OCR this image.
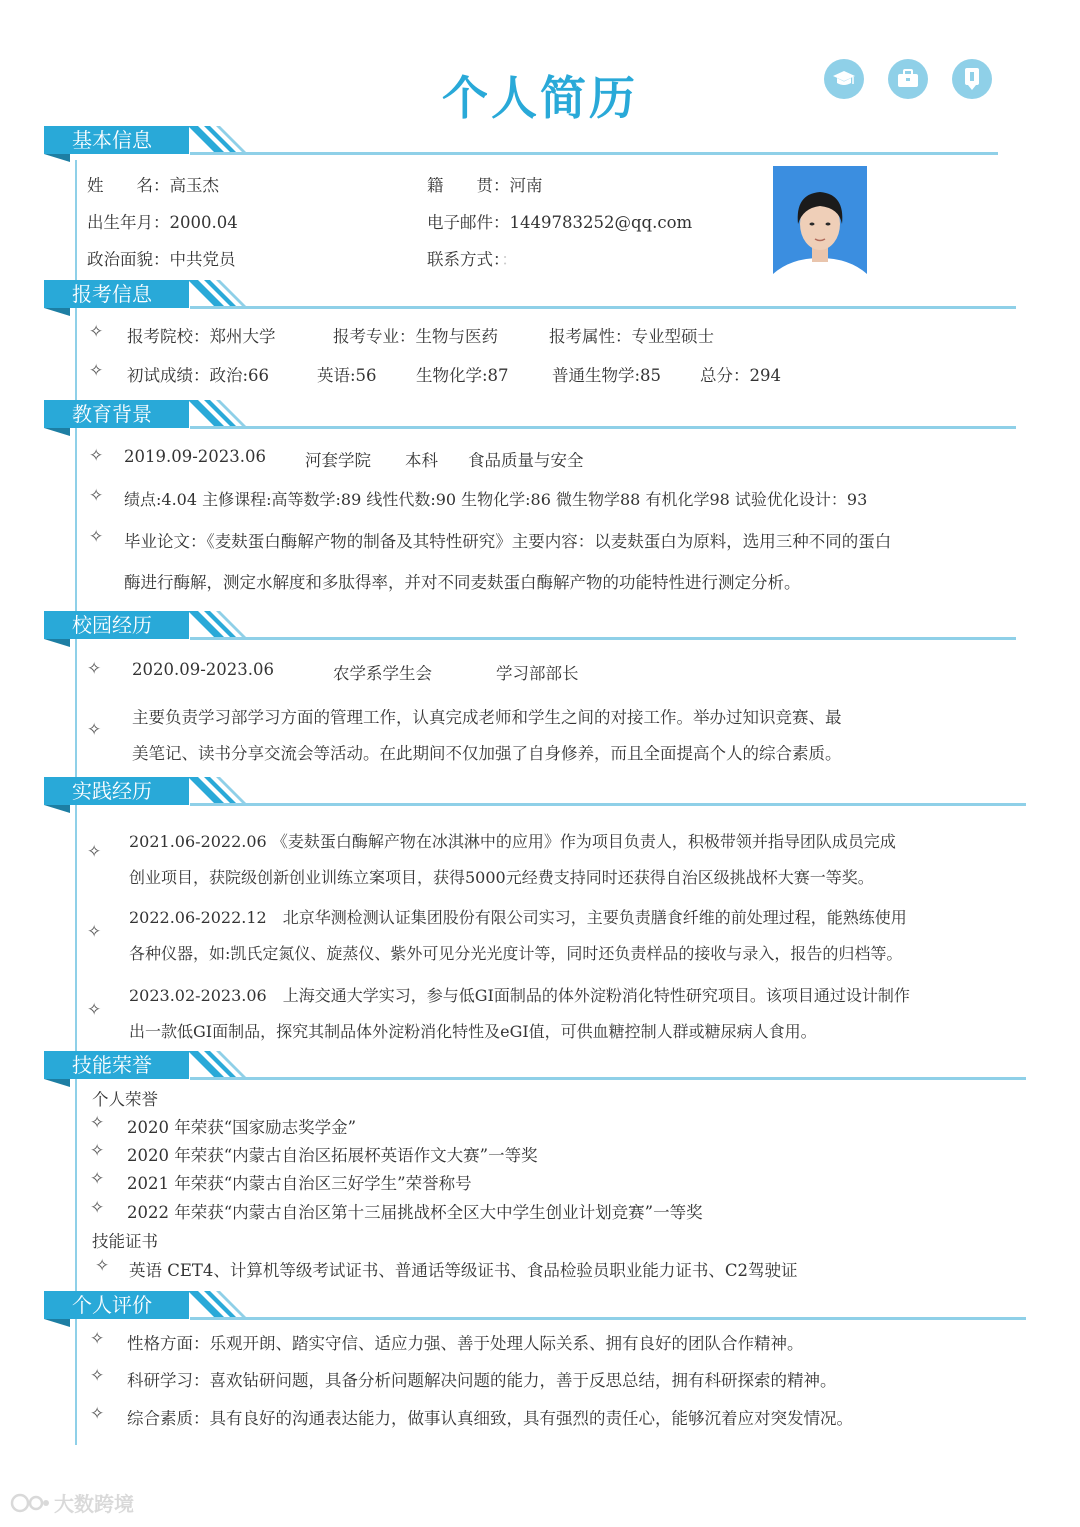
个人简历
基本信息
姓　　名：高玉杰	籍　　贯：河南
出生年月：2000.04	电子邮件：1449783252@qq.com
政治面貌：中共党员	联系方式：：
报考信息
✧ 报考院校：郑州大学	报考专业：生物与医药	报考属性：专业型硕士
✧ 初试成绩：政治:66	英语:56 生物化学:87	普通生物学:85 总分：294
教育背景
✧ 2019.09-2023.06 河套学院 本科 食品质量与安全
✧ 绩点:4.04 主修课程:高等数学:89 线性代数:90 生物化学:86 微生物学88 有机化学98 试验优化设计：93
✧ 毕业论文：《麦麸蛋白酶解产物的制备及其特性研究》主要内容：以麦麸蛋白为原料，选用三种不同的蛋白
酶进行酶解，测定水解度和多肽得率，并对不同麦麸蛋白酶解产物的功能特性进行测定分析。
校园经历
✧ 2020.09-2023.06	农学系学生会	学习部部长
✧
主要负责学习部学习方面的管理工作，认真完成老师和学生之间的对接工作。举办过知识竞赛、最
美笔记、读书分享交流会等活动。在此期间不仅加强了自身修养，而且全面提高个人的综合素质。
实践经历
✧
2021.06-2022.06 《麦麸蛋白酶解产物在冰淇淋中的应用》作为项目负责人，积极带领并指导团队成员完成
创业项目，获院级创新创业训练立案项目，获得5000元经费支持同时还获得自治区级挑战杯大赛一等奖。
✧
2022.06-2022.12　北京华测检测认证集团股份有限公司实习，主要负责膳食纤维的前处理过程，能熟练使用
各种仪器，如:凯氏定氮仪、旋蒸仪、紫外可见分光光度计等，同时还负责样品的接收与录入，报告的归档等。
✧
2023.02-2023.06　上海交通大学实习，参与低GI面制品的体外淀粉消化特性研究项目。该项目通过设计制作
出一款低GI面制品，探究其制品体外淀粉消化特性及eGI值，可供血糖控制人群或糖尿病人食用。
技能荣誉
个人荣誉
✧ 2020 年荣获“国家励志奖学金”
✧ 2020 年荣获“内蒙古自治区拓展杯英语作文大赛”一等奖
✧ 2021 年荣获“内蒙古自治区三好学生”荣誉称号
✧ 2022 年荣获“内蒙古自治区第十三届挑战杯全区大中学生创业计划竞赛”一等奖
技能证书
✧ 英语 CET4、计算机等级考试证书、普通话等级证书、食品检验员职业能力证书、C2驾驶证
个人评价
✧ 性格方面：乐观开朗、踏实守信、适应力强、善于处理人际关系、拥有良好的团队合作精神。
✧ 科研学习：喜欢钻研问题，具备分析问题解决问题的能力，善于反思总结，拥有科研探索的精神。
✧ 综合素质：具有良好的沟通表达能力，做事认真细致，具有强烈的责任心，能够沉着应对突发情况。
大数跨境
